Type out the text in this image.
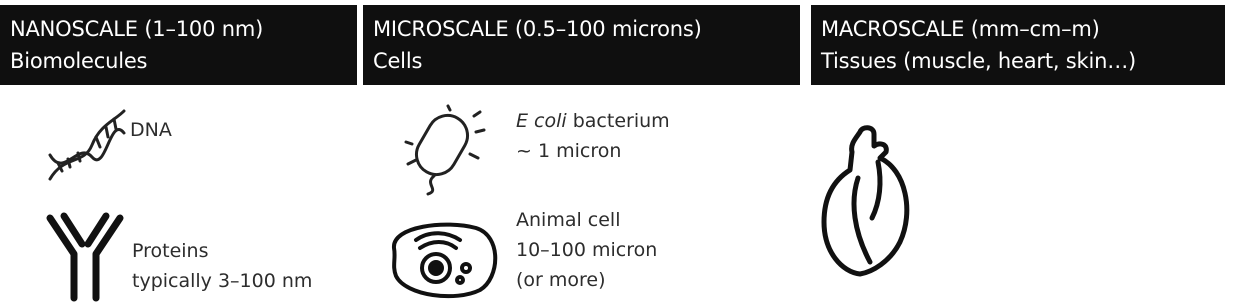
NANOSCALE (1–100 nm)
Biomolecules
MICROSCALE (0.5–100 microns)
Cells
MACROSCALE (mm–cm–m)
Tissues (muscle, heart, skin…)
DNA
Proteins
typically 3–100 nm
E coli bacterium
~ 1 micron
Animal cell
10–100 micron
(or more)
